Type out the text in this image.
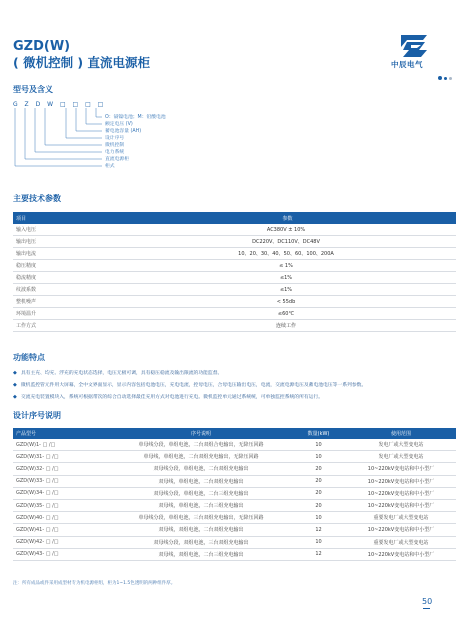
GZD(W)
( 微机控制 ) 直流电源柜	中辰电气
型号及含义
G Z D W □ □ □ □
O：镉镍电池；M：铅酸电池
额定电压 (V)
蓄电池容量 (AH)
设计序号
微机控制
电力系统
直流电源柜
柜式
主要技术参数
项目	参数
输入电压	AC380V ± 10%
输出电压	DC220V、DC110V、DC48V
输出电流	10、20、30、40、50、60、100、200A
稳压精度	≤ 1%
稳流精度	≤1%
纹波系数	≤1%
整机噪声	< 55db
环境温升	≤60℃
工作方式	连续工作
功能特点
◆ 具有主充、均充、浮充的充电状态选择，电压无极可调，具有稳压稳流及输出限流的功能监督。
◆ 微机监控管元件用大屏幕，全中文界面显示，显示内容包括电池电压，充电电流，控母电压，合母电压输出电压，电流，交流电源电压及蓄电池电压等一系列参数。
◆ 交流充电装置模块入，系统可根据带次的综合自动选择最佳充用方式对电池进行充电。微机监控单元通过系统统，可单独监控系统的所有运行。
设计序号说明
产品型号	序号说明	数量(kW)	使用范围
GZD(W)1- □ /□	单母线分段，单组电池，二台双组合电输出，无降压回路	10	发电厂或大型变电站
GZD(W)31- □ /□	单母线，单组电池，二台双组充电输出，无降压回路	10	发电厂或大型变电站
GZD(W)32- □ /□	双母线分段，单组电池，二台双组充电输出	20	10~220kV变电站和中小型厂
GZD(W)33- □ /□	双母线，单组电池，二台双组充电输出	20	10~220kV变电站和中小型厂
GZD(W)34- □ /□	双母线分段，单组电池，二台三组充电输出	20	10~220kV变电站和中小型厂
GZD(W)35- □ /□	双母线，单组电池，二台三组充电输出	20	10~220kV变电站和中小型厂
GZD(W)40- □ /□	单母线分段，单组电池，三台双组充电输出，无降压回路	10	重要发电厂或大型变电站
GZD(W)41- □ /□	双母线，双组电池，二台双组充电输出	12	10~220kV变电站和中小型厂
GZD(W)42- □ /□	双母线分段，双组电池，三台双组充电输出	10	重要发电厂或大型变电站
GZD(W)43- □ /□	双母线，双组电池，二台三组充电输出	12	10~220kV变电站和中小型厂
注：所有成品或件采用成型材专为机电源柜组，柜为1~1.5色透明的两种组件厚。
50
